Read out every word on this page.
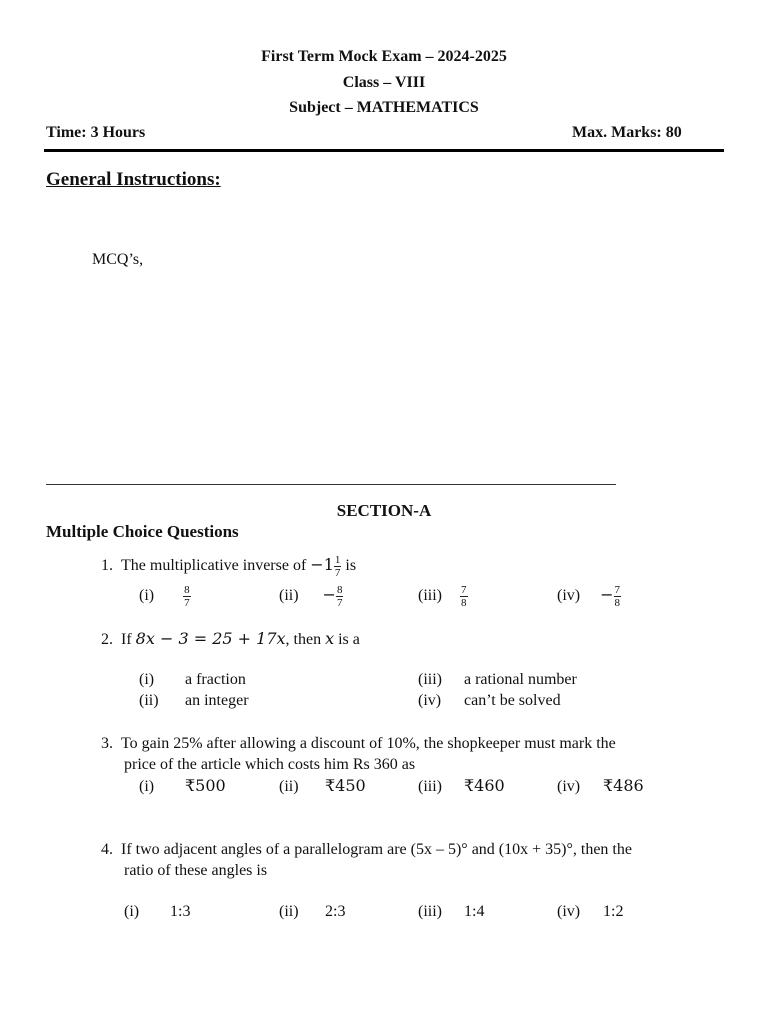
First Term Mock Exam – 2024-2025
Class – VIII
Subject – MATHEMATICS
Time: 3 Hours	Max. Marks: 80
General Instructions:
MCQ’s,
SECTION-A
Multiple Choice Questions
1. The multiplicative inverse of $-1 \frac{1}{7}$ is
(i)	$\frac{8}{7}$	$(ii) - \frac{8}{7}$	$(iii) \frac{7}{8}$	$(iv) - \frac{7}{8}$
2. If 8x − 3 = 25 + 17x, then x is a
(i) a fraction
(ii) an integer
(iii) a rational number
(iv) can’t be solved
3. To gain 25% after allowing a discount of 10%, the shopkeeper must mark the
price of the article which costs him Rs 360 as
(i) ₹500	(ii) ₹450	(iii) ₹460	(iv) ₹486
4. If two adjacent angles of a parallelogram are (5x – 5)° and (10x + 35)°, then the
ratio of these angles is
(i) 1:3	(ii) 2:3	(iii) 1:4	(iv) 1:2
